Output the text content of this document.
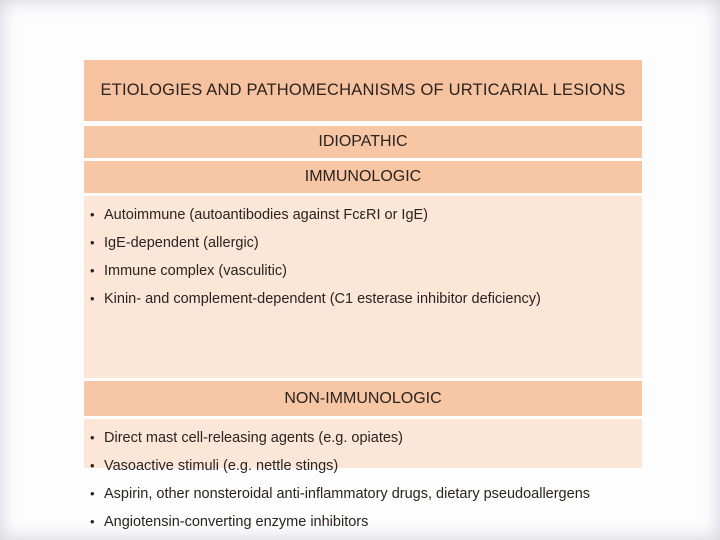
ETIOLOGIES AND PATHOMECHANISMS OF URTICARIAL LESIONS
IDIOPATHIC
IMMUNOLOGIC
• Autoimmune (autoantibodies against FcεRI or IgE)
• IgE-dependent (allergic)
• Immune complex (vasculitic)
• Kinin- and complement-dependent (C1 esterase inhibitor deficiency)
NON-IMMUNOLOGIC
• Direct mast cell-releasing agents (e.g. opiates)
• Vasoactive stimuli (e.g. nettle stings)
• Aspirin, other nonsteroidal anti-inflammatory drugs, dietary pseudoallergens
• Angiotensin-converting enzyme inhibitors
